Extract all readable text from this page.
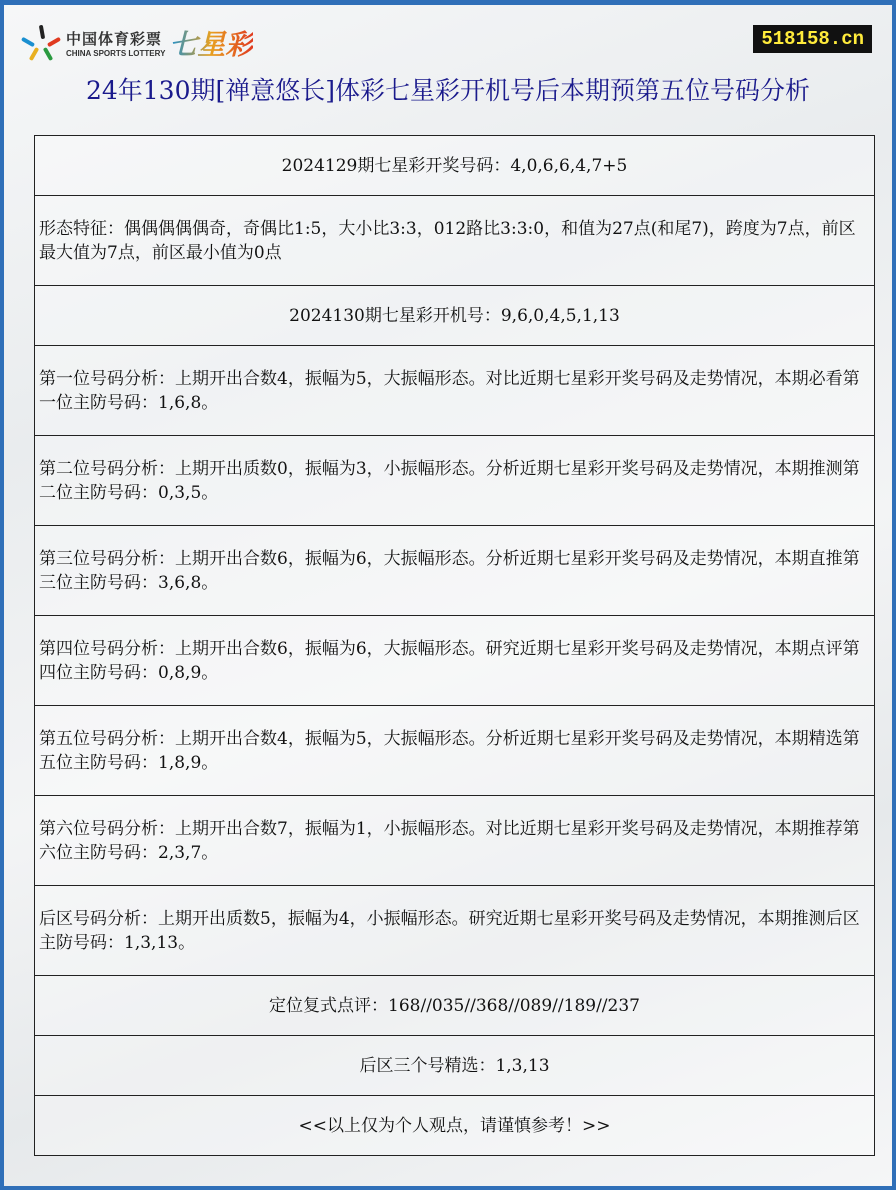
中国体育彩票
CHINA SPORTS LOTTERY 七星彩	518158.cn
24年130期[禅意悠长]体彩七星彩开机号后本期预第五位号码分析
2024129期七星彩开奖号码：4,0,6,6,4,7+5
形态特征：偶偶偶偶偶奇，奇偶比1:5，大小比3:3，012路比3:3:0，和值为27点(和尾7)，跨度为7点，前区最大值为7点，前区最小值为0点
2024130期七星彩开机号：9,6,0,4,5,1,13
第一位号码分析：上期开出合数4，振幅为5，大振幅形态。对比近期七星彩开奖号码及走势情况，本期必看第一位主防号码：1,6,8。
第二位号码分析：上期开出质数0，振幅为3，小振幅形态。分析近期七星彩开奖号码及走势情况，本期推测第二位主防号码：0,3,5。
第三位号码分析：上期开出合数6，振幅为6，大振幅形态。分析近期七星彩开奖号码及走势情况，本期直推第三位主防号码：3,6,8。
第四位号码分析：上期开出合数6，振幅为6，大振幅形态。研究近期七星彩开奖号码及走势情况，本期点评第四位主防号码：0,8,9。
第五位号码分析：上期开出合数4，振幅为5，大振幅形态。分析近期七星彩开奖号码及走势情况，本期精选第五位主防号码：1,8,9。
第六位号码分析：上期开出合数7，振幅为1，小振幅形态。对比近期七星彩开奖号码及走势情况，本期推荐第六位主防号码：2,3,7。
后区号码分析：上期开出质数5，振幅为4，小振幅形态。研究近期七星彩开奖号码及走势情况，本期推测后区主防号码：1,3,13。
定位复式点评：168//035//368//089//189//237
后区三个号精选：1,3,13
<<以上仅为个人观点，请谨慎参考！>>
